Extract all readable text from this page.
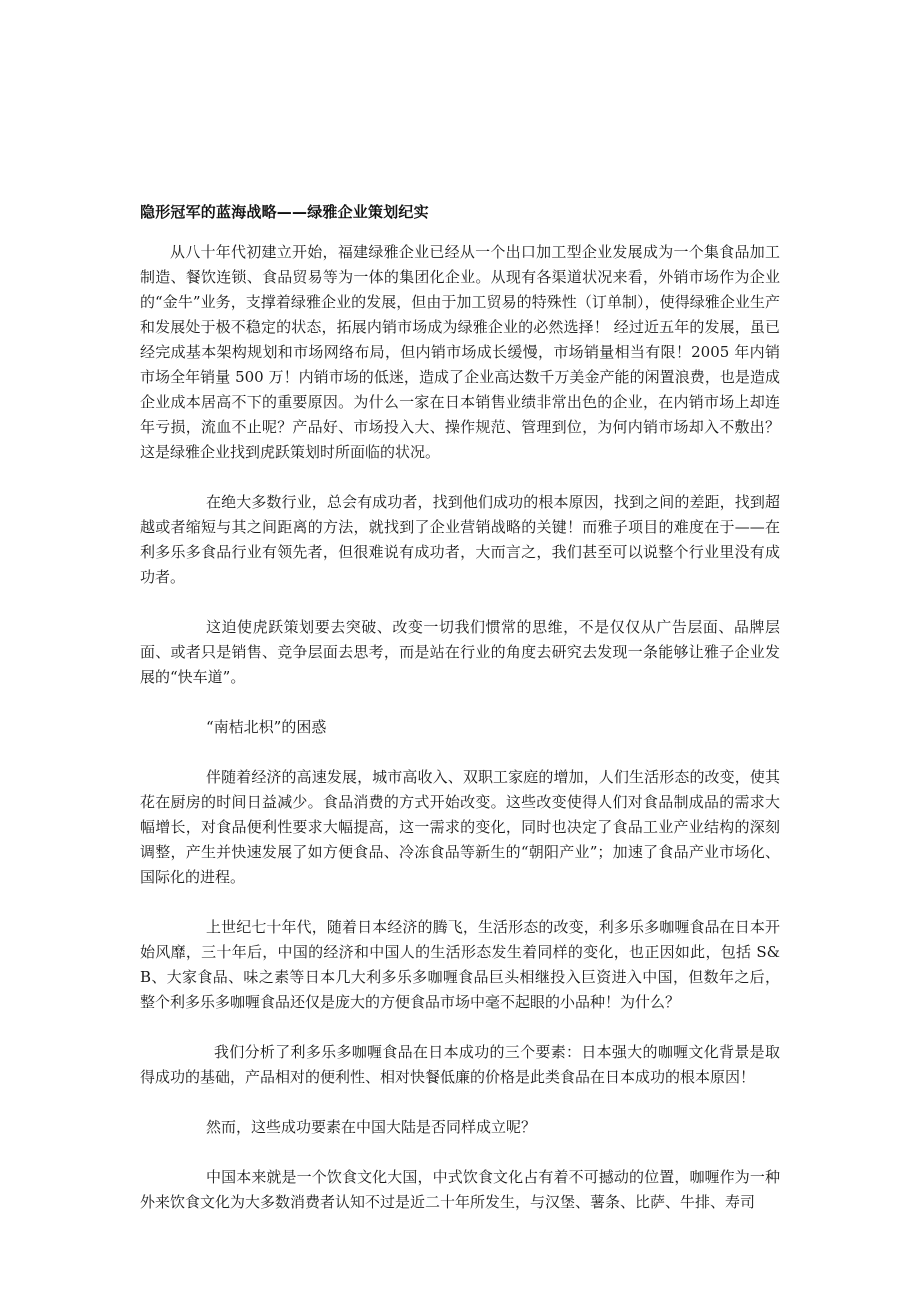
隐形冠军的蓝海战略——绿雅企业策划纪实

从八十年代初建立开始，福建绿雅企业已经从一个出口加工型企业发展成为一个集食品加工制造、餐饮连锁、食品贸易等为一体的集团化企业。从现有各渠道状况来看，外销市场作为企业的“金牛”业务，支撑着绿雅企业的发展，但由于加工贸易的特殊性（订单制），使得绿雅企业生产和发展处于极不稳定的状态，拓展内销市场成为绿雅企业的必然选择！ 经过近五年的发展，虽已经完成基本架构规划和市场网络布局，但内销市场成长缓慢，市场销量相当有限！2005 年内销市场全年销量 500 万！内销市场的低迷，造成了企业高达数千万美金产能的闲置浪费，也是造成企业成本居高不下的重要原因。为什么一家在日本销售业绩非常出色的企业，在内销市场上却连年亏损，流血不止呢？产品好、市场投入大、操作规范、管理到位，为何内销市场却入不敷出？这是绿雅企业找到虎跃策划时所面临的状况。

在绝大多数行业，总会有成功者，找到他们成功的根本原因，找到之间的差距，找到超越或者缩短与其之间距离的方法，就找到了企业营销战略的关键！而雅子项目的难度在于——在利多乐多食品行业有领先者，但很难说有成功者，大而言之，我们甚至可以说整个行业里没有成功者。

这迫使虎跃策划要去突破、改变一切我们惯常的思维，不是仅仅从广告层面、品牌层面、或者只是销售、竞争层面去思考，而是站在行业的角度去研究去发现一条能够让雅子企业发展的“快车道”。

“南桔北枳”的困惑

伴随着经济的高速发展，城市高收入、双职工家庭的增加，人们生活形态的改变，使其花在厨房的时间日益减少。食品消费的方式开始改变。这些改变使得人们对食品制成品的需求大幅增长，对食品便利性要求大幅提高，这一需求的变化，同时也决定了食品工业产业结构的深刻调整，产生并快速发展了如方便食品、冷冻食品等新生的“朝阳产业”；加速了食品产业市场化、国际化的进程。

上世纪七十年代，随着日本经济的腾飞，生活形态的改变，利多乐多咖喱食品在日本开始风靡，三十年后，中国的经济和中国人的生活形态发生着同样的变化，也正因如此，包括 S&B、大家食品、味之素等日本几大利多乐多咖喱食品巨头相继投入巨资进入中国，但数年之后，整个利多乐多咖喱食品还仅是庞大的方便食品市场中毫不起眼的小品种！为什么？

我们分析了利多乐多咖喱食品在日本成功的三个要素：日本强大的咖喱文化背景是取得成功的基础，产品相对的便利性、相对快餐低廉的价格是此类食品在日本成功的根本原因！

然而，这些成功要素在中国大陆是否同样成立呢？

中国本来就是一个饮食文化大国，中式饮食文化占有着不可撼动的位置，咖喱作为一种外来饮食文化为大多数消费者认知不过是近二十年所发生，与汉堡、薯条、比萨、牛排、寿司
